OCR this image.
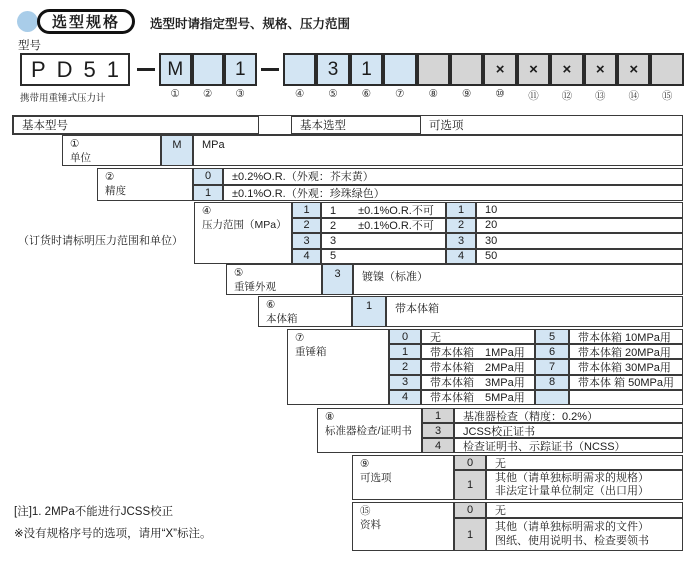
选型规格 选型时请指定型号、规格、压力范围
型号
PD51
携带用重锤式压力计
基本型号	基本选型	可选项
（订货时请标明压力范围和单位）
[注]1. 2MPa不能进行JCSS校正
※没有规格序号的选项，请用“X”标注。
M
①	②
1
③	④
3
⑤
1
⑥	⑦	⑧	⑨
×
⑩
×
⑪
×
⑫
×
⑬
×
⑭	⑮
①
单位
M	MPa
②
精度
0	±0.2%O.R.（外观：芥末黄）
1	±0.1%O.R.（外观：珍珠绿色）
④
压力范围（MPa）
1	1　　±0.1%O.R.不可	1	10
2	2　　±0.1%O.R.不可	2	20
3	3	3	30
4	5	4	50
⑤
重锤外观
3	镀镍（标准）
⑥
本体箱
1	带本体箱
⑦
重锤箱
0	无	5	带本体箱 10MPa用
1	带本体箱　1MPa用	6	带本体箱 20MPa用
2	带本体箱　2MPa用	7	带本体箱 30MPa用
3	带本体箱　3MPa用	8	带本体 箱 50MPa用
4	带本体箱　5MPa用
⑧
标准器检查/证明书
1	基准器检查（精度：0.2%）
3	JCSS校正证书
4	检查证明书、示踪证书（NCSS）
⑨
可选项
0	无
1
其他（请单独标明需求的规格）
非法定计量单位制定（出口用）
⑮
资料
0	无
1
其他（请单独标明需求的文件）
图纸、使用说明书、检查要领书
